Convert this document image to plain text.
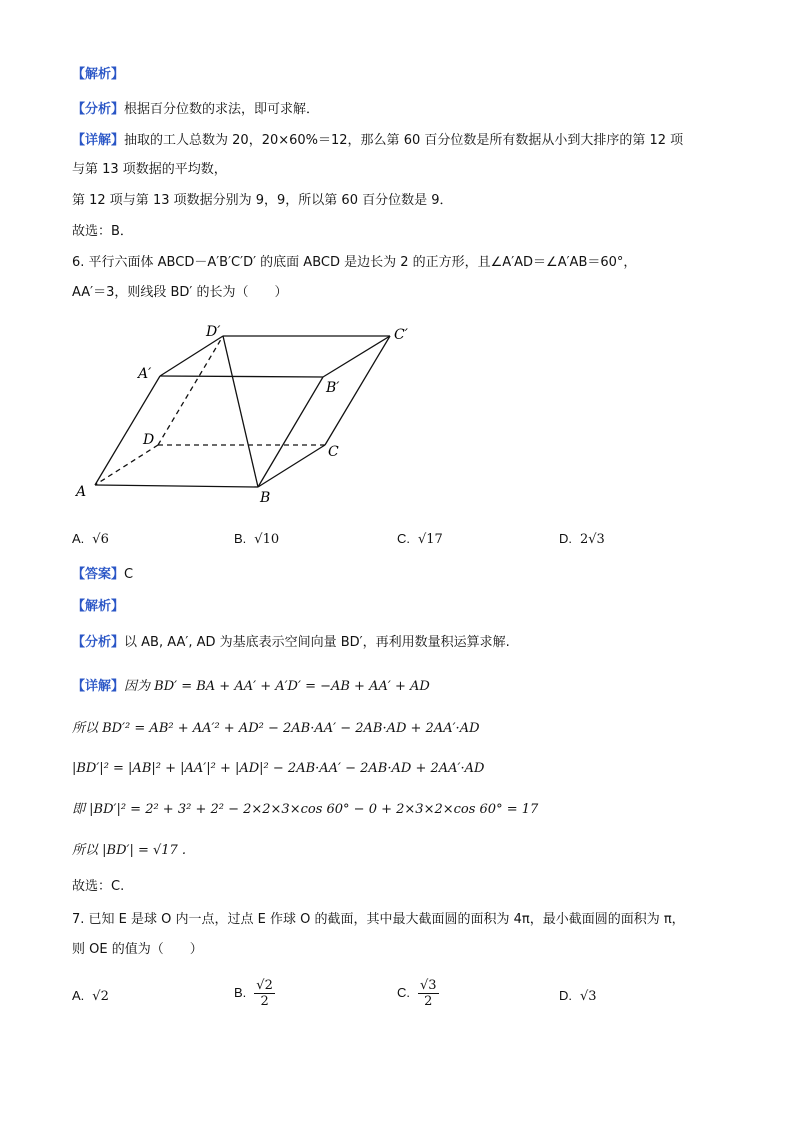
【解析】
【分析】根据百分位数的求法，即可求解．
【详解】抽取的工人总数为 20，20×60%＝12，那么第 60 百分位数是所有数据从小到大排序的第 12 项
与第 13 项数据的平均数，
第 12 项与第 13 项数据分别为 9，9，所以第 60 百分位数是 9．
故选：B．
6. 平行六面体 ABCD－A′B′C′D′ 的底面 ABCD 是边长为 2 的正方形，且∠A′AD＝∠A′AB＝60°，
AA′＝3，则线段 BD′ 的长为（　　）
A	B
C
D
A′
B′
C′
D′
A. √6	B. √10	C. √17	D. 2√3
【答案】C
【解析】
【分析】以 AB, AA′, AD 为基底表示空间向量 BD′，再利用数量积运算求解.
【详解】因为 BD′ = BA + AA′ + A′D′ = −AB + AA′ + AD
所以 BD′² = AB² + AA′² + AD² − 2AB·AA′ − 2AB·AD + 2AA′·AD
|BD′|² = |AB|² + |AA′|² + |AD|² − 2AB·AA′ − 2AB·AD + 2AA′·AD
即 |BD′|² = 2² + 3² + 2² − 2×2×3×cos 60° − 0 + 2×3×2×cos 60° = 17
所以 |BD′| = √17 .
故选：C.
7. 已知 E 是球 O 内一点，过点 E 作球 O 的截面，其中最大截面圆的面积为 4π，最小截面圆的面积为 π，
则 OE 的值为（　　）
A. √2	B. $\frac{√2}{2}$	C. $\frac{√3}{2}$	D. √3
